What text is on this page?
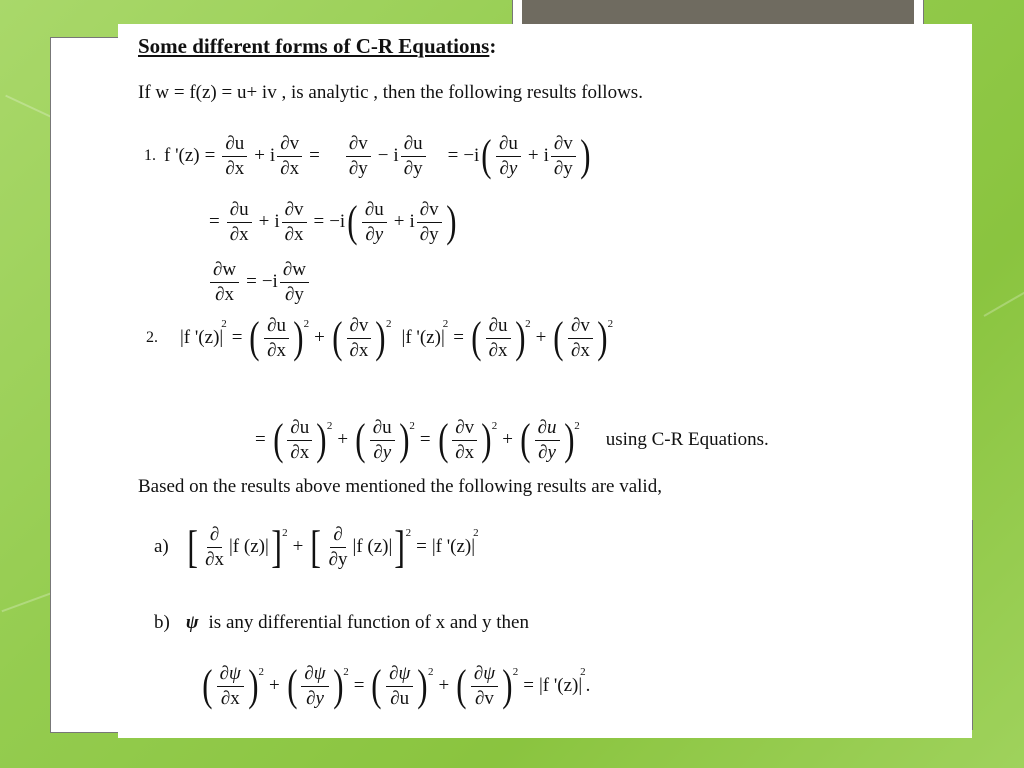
Some different forms of C-R Equations:
If w = f(z) = u+ iv , is analytic , then the following results follows.
1. f '$(z) = \frac{\partial u}{\partial x} + i \frac{\partial v}{\partial x} = \frac{\partial v}{\partial y} - i \frac{\partial u}{\partial y} = -i$ ( $\frac{\partial u}{\partial y} + i \frac{\partial v}{\partial y}$ )
= $\frac{\partial u}{\partial x} + i \frac{\partial v}{\partial x} = -i$ ( $\frac{\partial u}{\partial y} + i \frac{\partial v}{\partial y}$ )
$\frac{\partial w}{\partial x} = -i \frac{\partial w}{\partial y}$
2. |f '(z)|
$^2$
= ( $\frac{\partial u}{\partial x} )^2$
+ ( $\frac{\partial v}{\partial x} )^2$
|f '(z)|
$^2$
= ( $\frac{\partial u}{\partial x} )^2$
+ ( $\frac{\partial v}{\partial x} )^2$
= ( $\frac{\partial u}{\partial x} )^2$
+ ( $\frac{\partial u}{\partial y} )^2$
= ( $\frac{\partial v}{\partial x} )^2$
+ ( $\frac{\partial u}{\partial y} )^2$
using C-R Equations.
Based on the results above mentioned the following results are valid,
a) [ $\frac{\partial}{\partial x} |f$ (z)| ]$^2$
+ [ $\frac{\partial}{\partial y} |f$ (z)| ]$^2$
= |f '(z)|
$^2$
b) ψ is any differential function of x and y then
( $\frac{\partial\psi}{\partial x} )^2$
+ ( $\frac{\partial\psi}{\partial y} )^2$
= ( $\frac{\partial\psi}{\partial u} )^2$
+ ( $\frac{\partial\psi}{\partial v} )^2$
= |f '(z)|
$^2$
.
